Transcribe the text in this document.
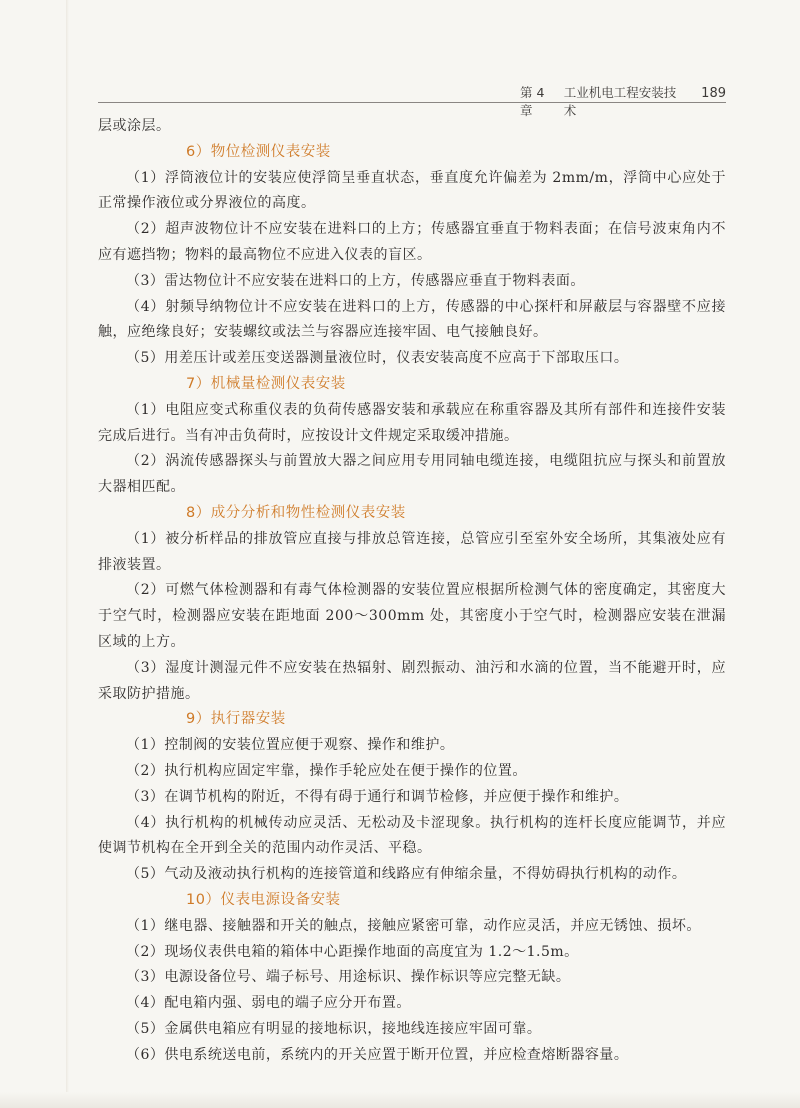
第 4 章
工业机电工程安装技术
189

层或涂层。

6）物位检测仪表安装

（1）浮筒液位计的安装应使浮筒呈垂直状态，垂直度允许偏差为 2mm/m，浮筒中心应处于正常操作液位或分界液位的高度。

（2）超声波物位计不应安装在进料口的上方；传感器宜垂直于物料表面；在信号波束角内不应有遮挡物；物料的最高物位不应进入仪表的盲区。

（3）雷达物位计不应安装在进料口的上方，传感器应垂直于物料表面。

（4）射频导纳物位计不应安装在进料口的上方，传感器的中心探杆和屏蔽层与容器壁不应接触，应绝缘良好；安装螺纹或法兰与容器应连接牢固、电气接触良好。

（5）用差压计或差压变送器测量液位时，仪表安装高度不应高于下部取压口。

7）机械量检测仪表安装

（1）电阻应变式称重仪表的负荷传感器安装和承载应在称重容器及其所有部件和连接件安装完成后进行。当有冲击负荷时，应按设计文件规定采取缓冲措施。

（2）涡流传感器探头与前置放大器之间应用专用同轴电缆连接，电缆阻抗应与探头和前置放大器相匹配。

8）成分分析和物性检测仪表安装

（1）被分析样品的排放管应直接与排放总管连接，总管应引至室外安全场所，其集液处应有排液装置。

（2）可燃气体检测器和有毒气体检测器的安装位置应根据所检测气体的密度确定，其密度大于空气时，检测器应安装在距地面 200～300mm 处，其密度小于空气时，检测器应安装在泄漏区域的上方。

（3）湿度计测湿元件不应安装在热辐射、剧烈振动、油污和水滴的位置，当不能避开时，应采取防护措施。

9）执行器安装

（1）控制阀的安装位置应便于观察、操作和维护。

（2）执行机构应固定牢靠，操作手轮应处在便于操作的位置。

（3）在调节机构的附近，不得有碍于通行和调节检修，并应便于操作和维护。

（4）执行机构的机械传动应灵活、无松动及卡涩现象。执行机构的连杆长度应能调节，并应使调节机构在全开到全关的范围内动作灵活、平稳。

（5）气动及液动执行机构的连接管道和线路应有伸缩余量，不得妨碍执行机构的动作。

10）仪表电源设备安装

（1）继电器、接触器和开关的触点，接触应紧密可靠，动作应灵活，并应无锈蚀、损坏。

（2）现场仪表供电箱的箱体中心距操作地面的高度宜为 1.2～1.5m。

（3）电源设备位号、端子标号、用途标识、操作标识等应完整无缺。

（4）配电箱内强、弱电的端子应分开布置。

（5）金属供电箱应有明显的接地标识，接地线连接应牢固可靠。

（6）供电系统送电前，系统内的开关应置于断开位置，并应检查熔断器容量。
